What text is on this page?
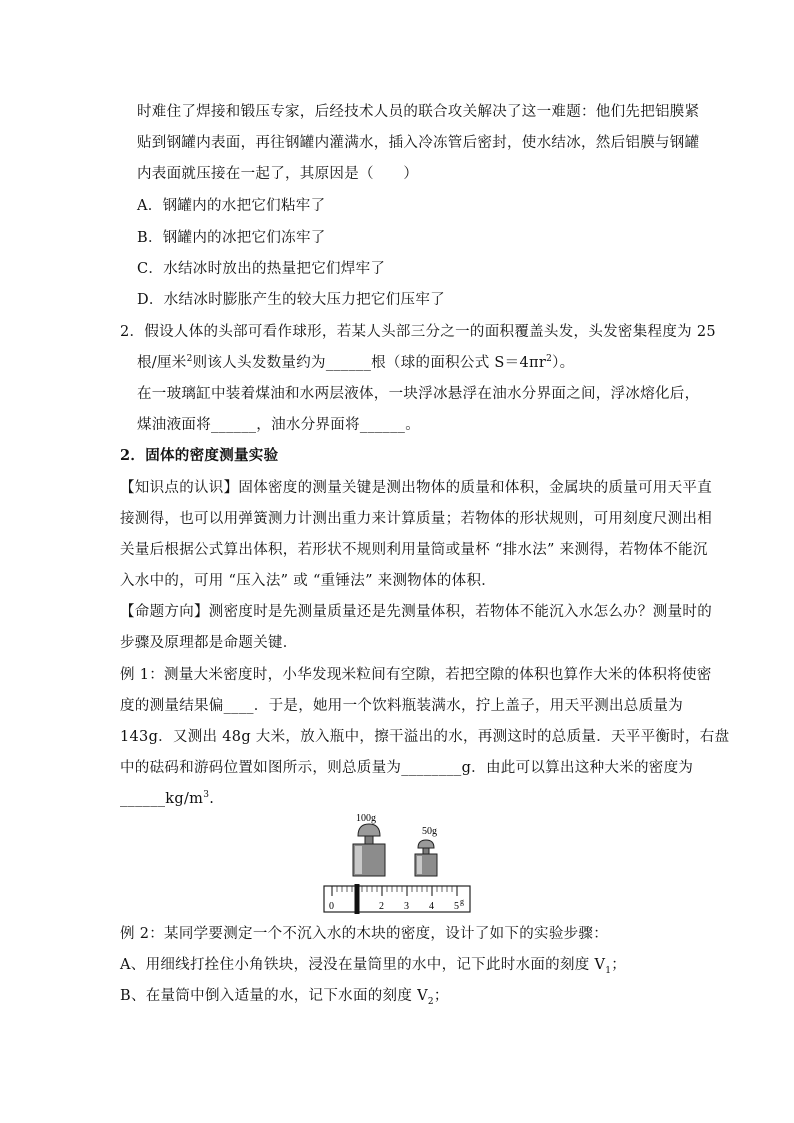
时难住了焊接和锻压专家，后经技术人员的联合攻关解决了这一难题：他们先把铝膜紧
贴到钢罐内表面，再往钢罐内灌满水，插入冷冻管后密封，使水结冰，然后铝膜与钢罐
内表面就压接在一起了，其原因是（　　）
A．钢罐内的水把它们粘牢了
B．钢罐内的冰把它们冻牢了
C．水结冰时放出的热量把它们焊牢了
D．水结冰时膨胀产生的较大压力把它们压牢了
2．假设人体的头部可看作球形，若某人头部三分之一的面积覆盖头发，头发密集程度为 25
根/厘米$^2$则该人头发数量约为______根（球的面积公式 $S=4\pi r^2$）。
在一玻璃缸中装着煤油和水两层液体，一块浮冰悬浮在油水分界面之间，浮冰熔化后，
煤油液面将______，油水分界面将______。
2．固体的密度测量实验
【知识点的认识】固体密度的测量关键是测出物体的质量和体积，金属块的质量可用天平直
接测得，也可以用弹簧测力计测出重力来计算质量；若物体的形状规则，可用刻度尺测出相
关量后根据公式算出体积，若形状不规则利用量筒或量杯 “排水法” 来测得，若物体不能沉
入水中的，可用 “压入法” 或 “重锤法” 来测物体的体积．
【命题方向】测密度时是先测量质量还是先测量体积，若物体不能沉入水怎么办？测量时的
步骤及原理都是命题关键．
例 1：测量大米密度时，小华发现米粒间有空隙，若把空隙的体积也算作大米的体积将使密
度的测量结果偏____．于是，她用一个饮料瓶装满水，拧上盖子，用天平测出总质量为
143g．又测出 48g 大米，放入瓶中，擦干溢出的水，再测这时的总质量．天平平衡时，右盘
中的砝码和游码位置如图所示，则总质量为________g．由此可以算出这种大米的密度为
$\_\_\_\_\_\_kg/m^3$.
100g
50g
0	2 3 4 5 g
例 2：某同学要测定一个不沉入水的木块的密度，设计了如下的实验步骤：
A、用细线打拴住小角铁块，浸没在量筒里的水中，记下此时水面的刻度 $V_1$；
B、在量筒中倒入适量的水，记下水面的刻度 $V_2$；
